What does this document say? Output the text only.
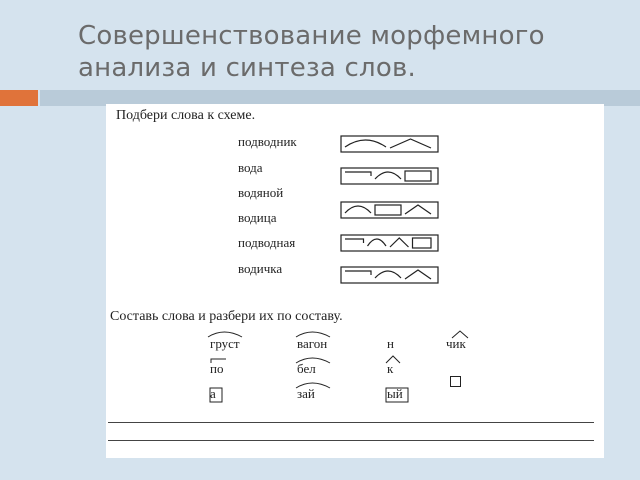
Совершенствование морфемного
анализа и синтеза слов.
Подбери слова к схеме.
подводник
вода
водяной
водица
подводная
водичка
Составь слова и разбери их по составу.
груст	вагон	н	чик
по	бел	к
а	зай	ый
